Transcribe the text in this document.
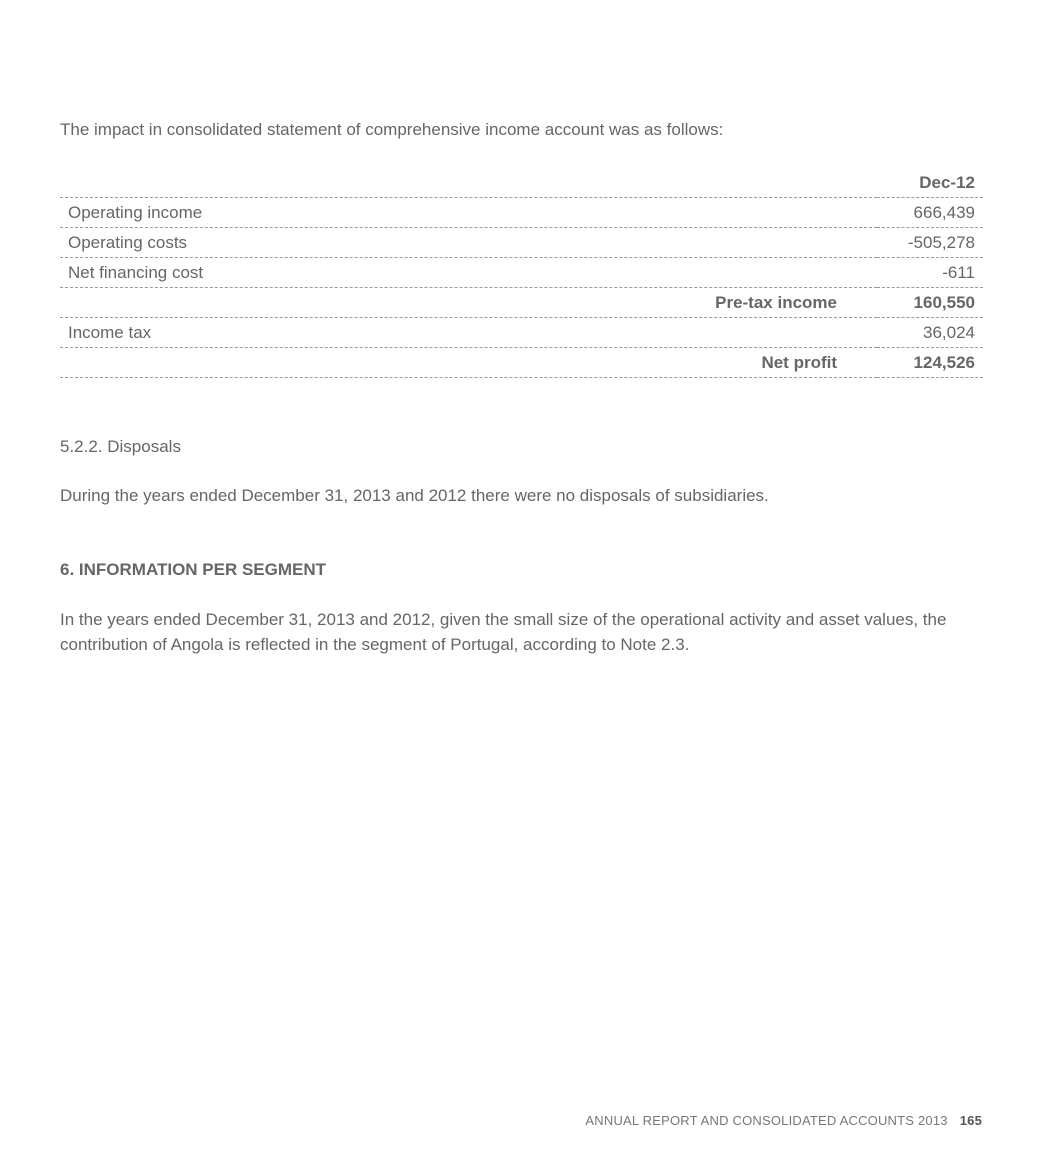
The impact in consolidated statement of comprehensive income account was as follows:

	Dec-12
Operating income	666,439
Operating costs	-505,278
Net financing cost	-611
Pre-tax income	160,550
Income tax	36,024
Net profit	124,526
5.2.2. Disposals

During the years ended December 31, 2013 and 2012 there were no disposals of subsidiaries.

6. INFORMATION PER SEGMENT

In the years ended December 31, 2013 and 2012, given the small size of the operational activity and asset values, the contribution of Angola is reflected in the segment of Portugal, according to Note 2.3.

ANNUAL REPORT AND CONSOLIDATED ACCOUNTS 2013 165
